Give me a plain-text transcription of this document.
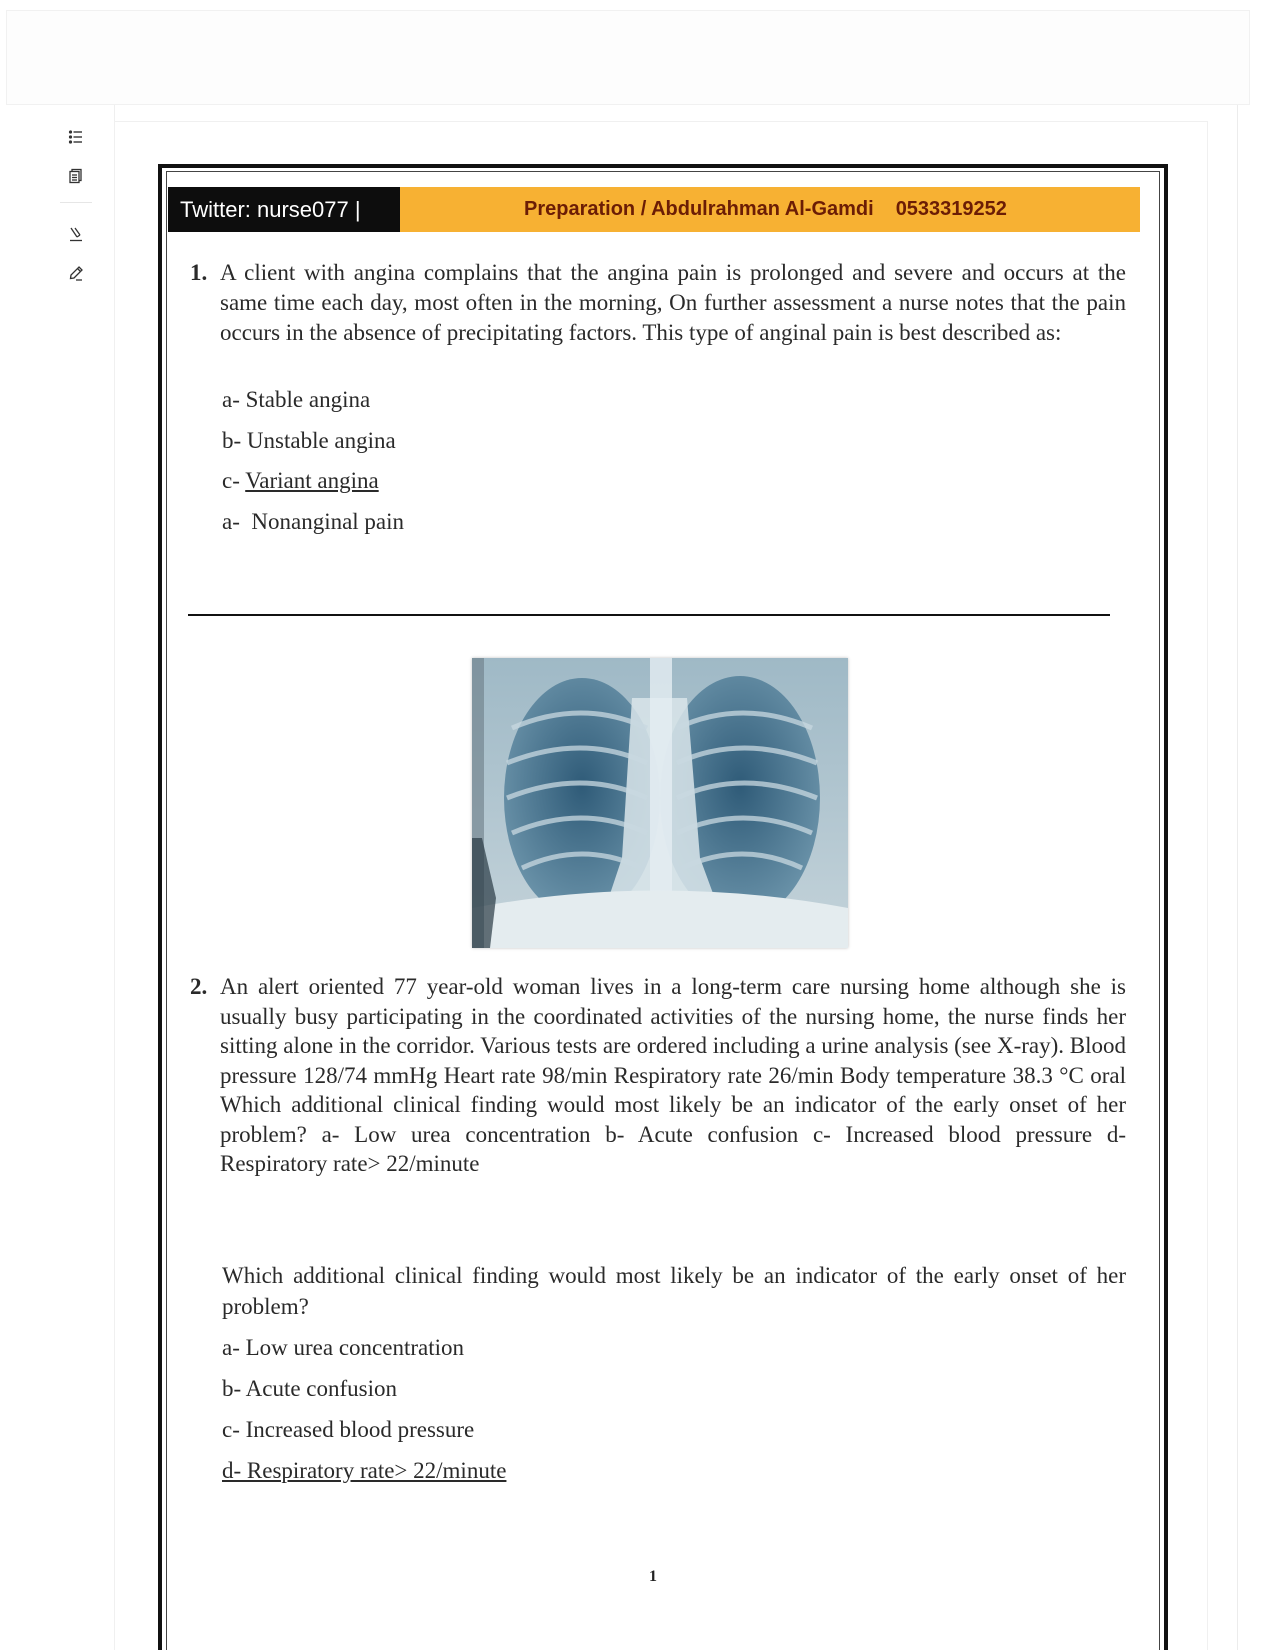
Twitter: nurse077 |	Preparation / Abdulrahman Al-Gamdi 0533319252
1. A client with angina complains that the angina pain is prolonged and severe and occurs at the same time each day, most often in the morning, On further assessment a nurse notes that the pain occurs in the absence of precipitating factors. This type of anginal pain is best described as:
a- Stable angina
b- Unstable angina
c- Variant angina
a-  Nonanginal pain
2. An alert oriented 77 year-old woman lives in a long-term care nursing home although she is usually busy participating in the coordinated activities of the nursing home, the nurse finds her sitting alone in the corridor. Various tests are ordered including a urine analysis (see X-ray). Blood pressure 128/74 mmHg Heart rate 98/min Respiratory rate 26/min Body temperature 38.3 °C oral Which additional clinical finding would most likely be an indicator of the early onset of her problem? a- Low urea concentration b- Acute confusion c- Increased blood pressure d- Respiratory rate> 22/minute
Which additional clinical finding would most likely be an indicator of the early onset of her problem?
a- Low urea concentration
b- Acute confusion
c- Increased blood pressure
d- Respiratory rate> 22/minute
1
